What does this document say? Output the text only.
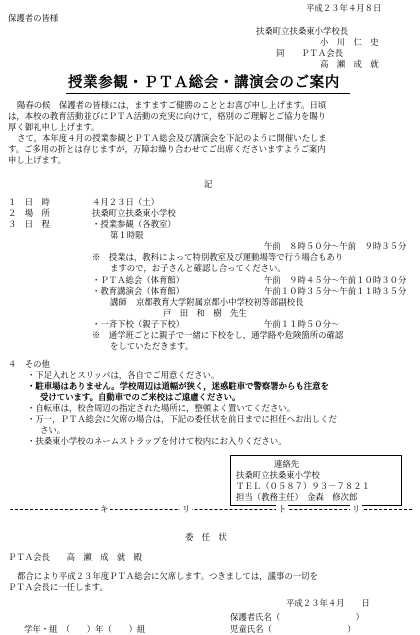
平成２３年４月８日
保護者の皆様
扶桑町立扶桑東小学校長
小　川　仁　史
同　　ＰＴＡ会長
高　瀬　成　就
授業参観・ＰＴＡ総会・講演会のご案内
陽春の候　保護者の皆様には，ますますご健勝のこととお喜び申し上げます。日頃
は，本校の教育活動並びにＰＴＡ活動の充実に向けて，格別のご理解とご協力を賜り
厚く御礼申し上げます。
さて，本年度４月の授業参観とＰＴＡ総会及び講演会を下記のように開催いたしま
す。ご多用の折とは存じますが，万障お繰り合わせてご出席くださいますようご案内
申し上げます。
記
１　日　時	４月２３日（土）
２　場　所	扶桑町立扶桑東小学校
３　日　程	・授業参観（各教室）
第１時限
午前　８時５０分～午前　９時３５分
※　授業は，教科によって特別教室及び運動場等で行う場合もあり
ますので，お子さんと確認し合ってください。
・ＰＴＡ総会（体育館）	午前　９時４５分～午前１０時３０分
・教育講演会（体育館）	午前１０時３５分～午前１１時３５分
講師 京都教育大学附属京都小中学校初等部副校長
戸　田　和　樹　先生
・一斉下校（親子下校）	午前１１時５０分～
※　通学班ごとに親子で一緒に下校をし，通学路や危険箇所の確認
をしていただきます。
４　その他
・下足入れとスリッパは，各自でご用意ください。
・駐車場はありません。学校周辺は道幅が狭く，迷惑駐車で警察署からも注意を
受けています。自動車でのご来校はご遠慮ください。
・自転車は，校舎周辺の指定された場所に，整頓よく置いてください。
・万一，ＰＴＡ総会に欠席の場合は，下記の委任状を前日までに担任へお出しくだ
さい。
・扶桑東小学校のネームストラップを付けて校内にお入りください。
連絡先
扶桑町立扶桑東小学校
ＴＥＬ（０５８７）９３－７８２１
担当（教務主任）　金森　修次郎
キ	リ	ト	リ
委　任　状
ＰＴＡ会長　　高　瀬　成　就　殿
都合により平成２３年度ＰＴＡ総会に欠席します。つきましては，議事の一切を
ＰＴＡ会長に一任します。
平成２３年４月　　日
保護者氏名（　　　　　　　　　）
学年・組　（　　）年（　　）組	児童氏名（　　　　　　　　　）
